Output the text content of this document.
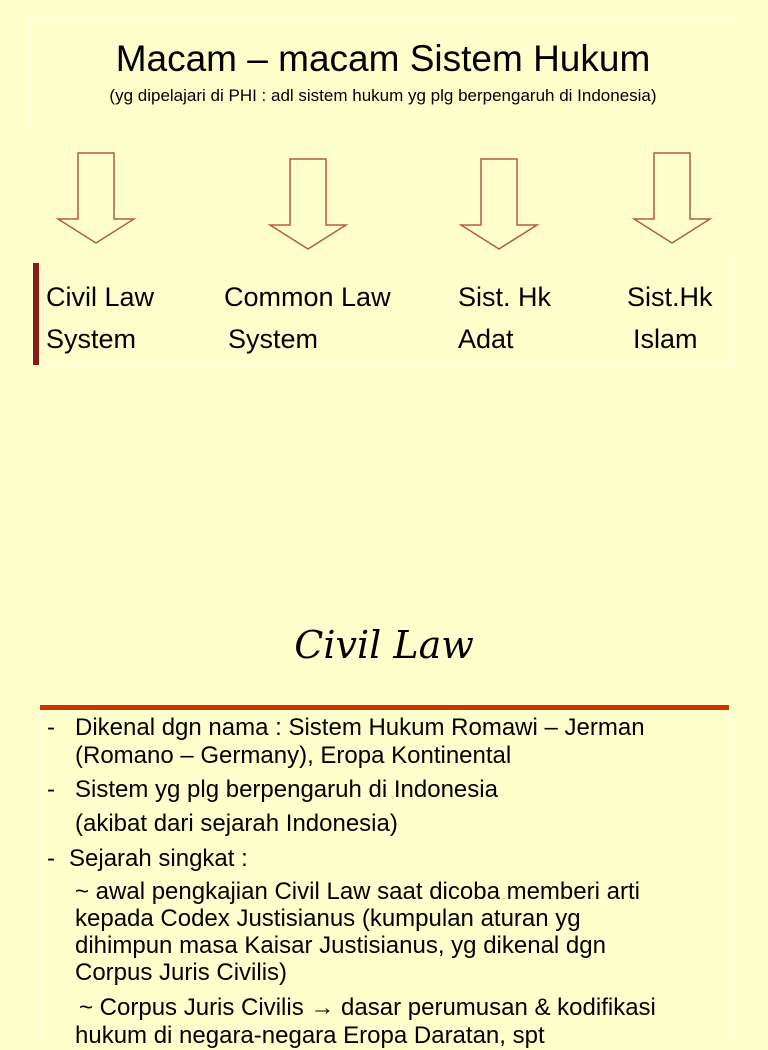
Macam – macam Sistem Hukum
(yg dipelajari di PHI : adl sistem hukum yg plg berpengaruh di Indonesia)
Civil Law
System
Common Law
System
Sist. Hk
Adat
Sist.Hk
Islam
Civil Law
- Dikenal dgn nama : Sistem Hukum Romawi – Jerman
(Romano – Germany), Eropa Kontinental
- Sistem yg plg berpengaruh di Indonesia
(akibat dari sejarah Indonesia)
- Sejarah singkat :
~ awal pengkajian Civil Law saat dicoba memberi arti
kepada Codex Justisianus (kumpulan aturan yg
dihimpun masa Kaisar Justisianus, yg dikenal dgn
Corpus Juris Civilis)
~ Corpus Juris Civilis → dasar perumusan & kodifikasi
hukum di negara-negara Eropa Daratan, spt
